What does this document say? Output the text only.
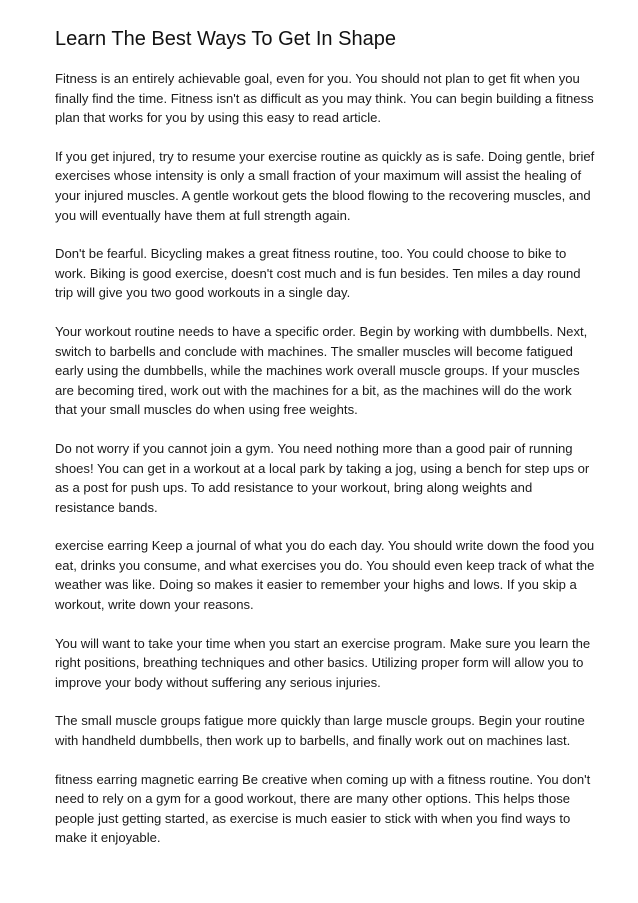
Learn The Best Ways To Get In Shape

Fitness is an entirely achievable goal, even for you. You should not plan to get fit when you finally find the time. Fitness isn't as difficult as you may think. You can begin building a fitness plan that works for you by using this easy to read article.

If you get injured, try to resume your exercise routine as quickly as is safe. Doing gentle, brief exercises whose intensity is only a small fraction of your maximum will assist the healing of your injured muscles. A gentle workout gets the blood flowing to the recovering muscles, and you will eventually have them at full strength again.

Don't be fearful. Bicycling makes a great fitness routine, too. You could choose to bike to work. Biking is good exercise, doesn't cost much and is fun besides. Ten miles a day round trip will give you two good workouts in a single day.

Your workout routine needs to have a specific order. Begin by working with dumbbells. Next, switch to barbells and conclude with machines. The smaller muscles will become fatigued early using the dumbbells, while the machines work overall muscle groups. If your muscles are becoming tired, work out with the machines for a bit, as the machines will do the work that your small muscles do when using free weights.

Do not worry if you cannot join a gym. You need nothing more than a good pair of running shoes! You can get in a workout at a local park by taking a jog, using a bench for step ups or as a post for push ups. To add resistance to your workout, bring along weights and resistance bands.

exercise earring Keep a journal of what you do each day. You should write down the food you eat, drinks you consume, and what exercises you do. You should even keep track of what the weather was like. Doing so makes it easier to remember your highs and lows. If you skip a workout, write down your reasons.

You will want to take your time when you start an exercise program. Make sure you learn the right positions, breathing techniques and other basics. Utilizing proper form will allow you to improve your body without suffering any serious injuries.

The small muscle groups fatigue more quickly than large muscle groups. Begin your routine with handheld dumbbells, then work up to barbells, and finally work out on machines last.

fitness earring magnetic earring Be creative when coming up with a fitness routine. You don't need to rely on a gym for a good workout, there are many other options. This helps those people just getting started, as exercise is much easier to stick with when you find ways to make it enjoyable.
